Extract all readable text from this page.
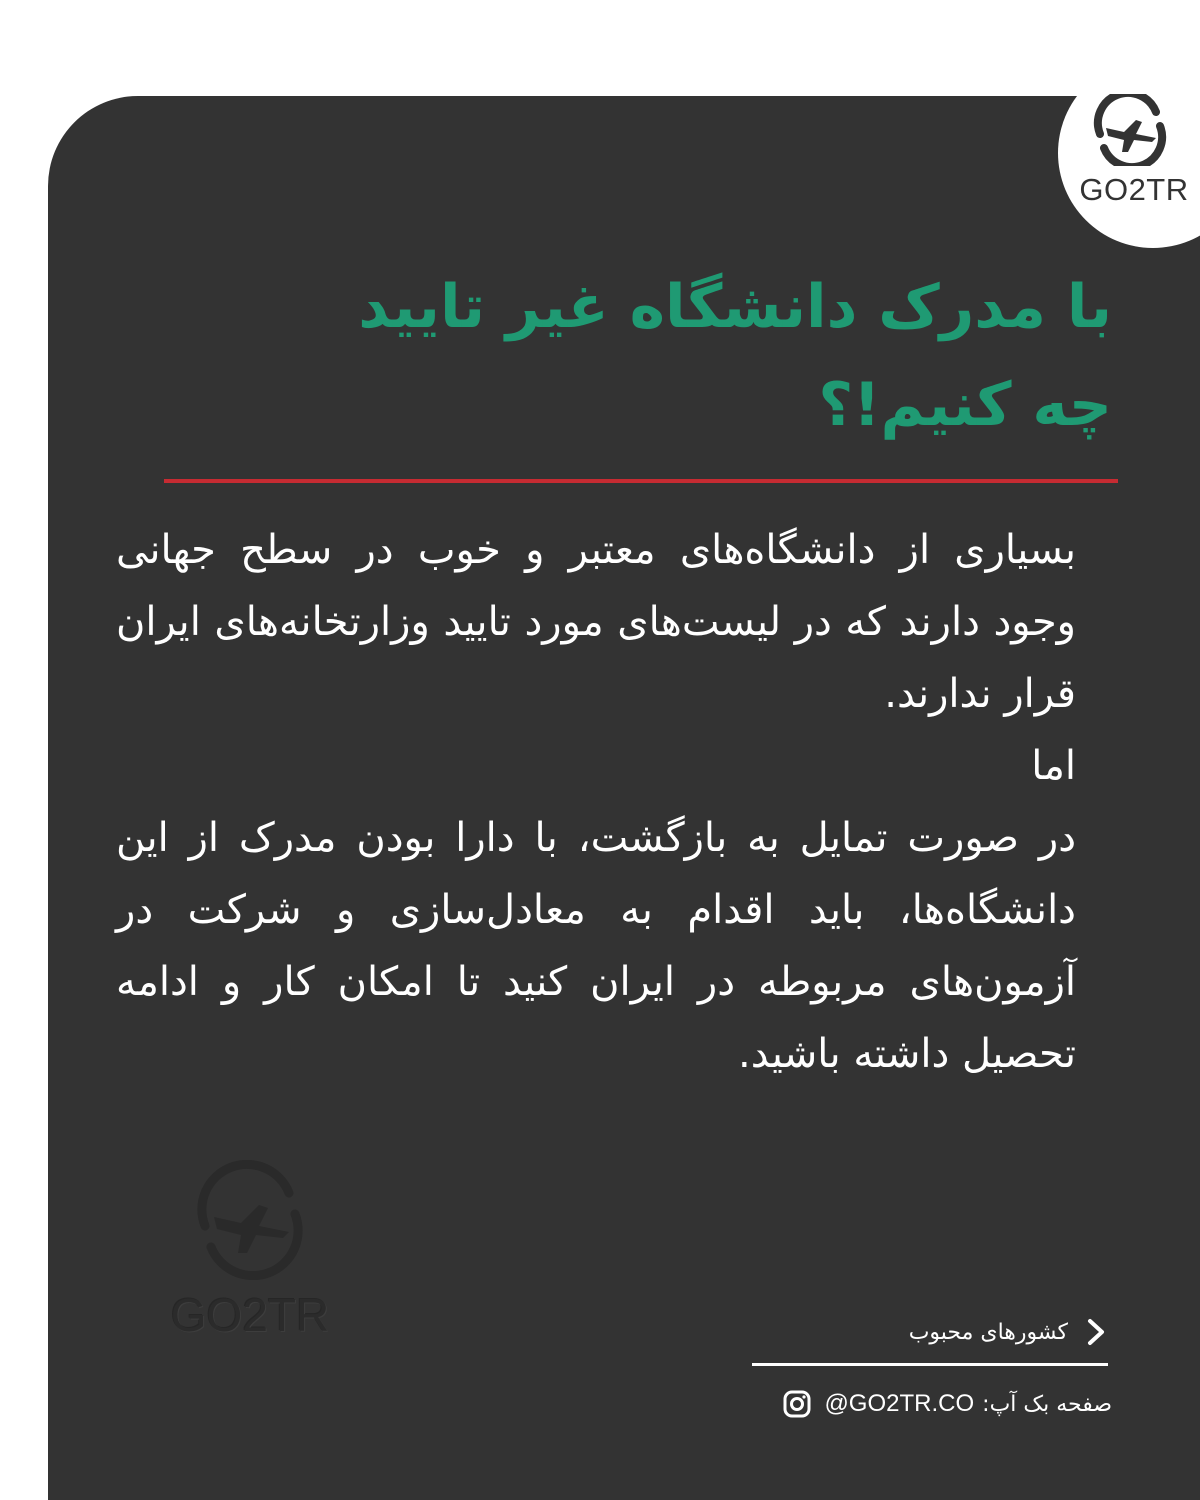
GO2TR
با مدرک دانشگاه غیر تایید
چه کنیم!؟

بسیاری از دانشگاه‌های معتبر و خوب در سطح جهانی وجود دارند که در لیست‌های مورد تایید وزارتخانه‌های ایران قرار ندارند.

اما

در صورت تمایل به بازگشت، با دارا بودن مدرک از این دانشگاه‌ها، باید اقدام به معادل‌سازی و شرکت در آزمون‌های مربوطه در ایران کنید تا امکان کار و ادامه تحصیل داشته باشید.

GO2TR	کشورهای محبوب
صفحه بک آپ:
@GO2TR.CO
